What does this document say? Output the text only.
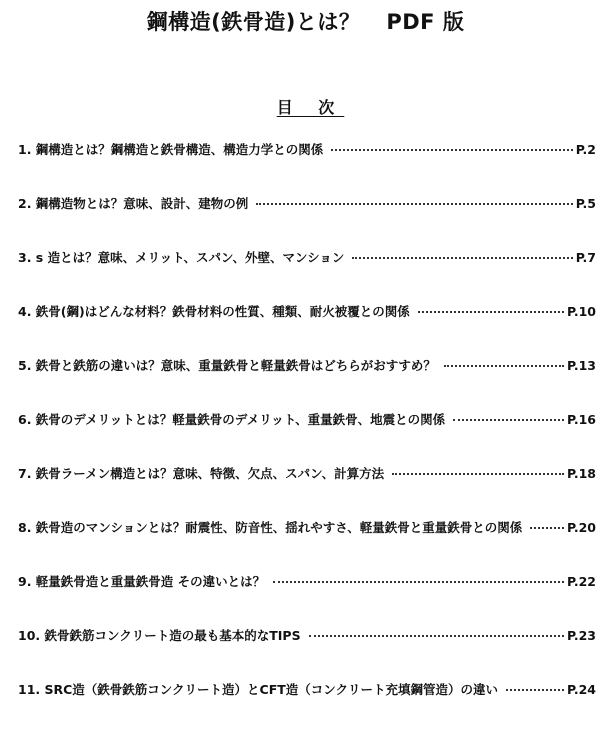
鋼構造(鉄骨造)とは？ PDF 版
目 次
1. 鋼構造とは？鋼構造と鉄骨構造、構造力学との関係	P.2
2. 鋼構造物とは？意味、設計、建物の例	P.5
3. s 造とは？意味、メリット、スパン、外壁、マンション	P.7
4. 鉄骨(鋼)はどんな材料？鉄骨材料の性質、種類、耐火被覆との関係	P.10
5. 鉄骨と鉄筋の違いは？意味、重量鉄骨と軽量鉄骨はどちらがおすすめ？	P.13
6. 鉄骨のデメリットとは？軽量鉄骨のデメリット、重量鉄骨、地震との関係	P.16
7. 鉄骨ラーメン構造とは？意味、特徴、欠点、スパン、計算方法	P.18
8. 鉄骨造のマンションとは？耐震性、防音性、揺れやすさ、軽量鉄骨と重量鉄骨との関係	P.20
9. 軽量鉄骨造と重量鉄骨造 その違いとは？	P.22
10. 鉄骨鉄筋コンクリート造の最も基本的なTIPS	P.23
11. SRC造（鉄骨鉄筋コンクリート造）とCFT造（コンクリート充填鋼管造）の違い	P.24
